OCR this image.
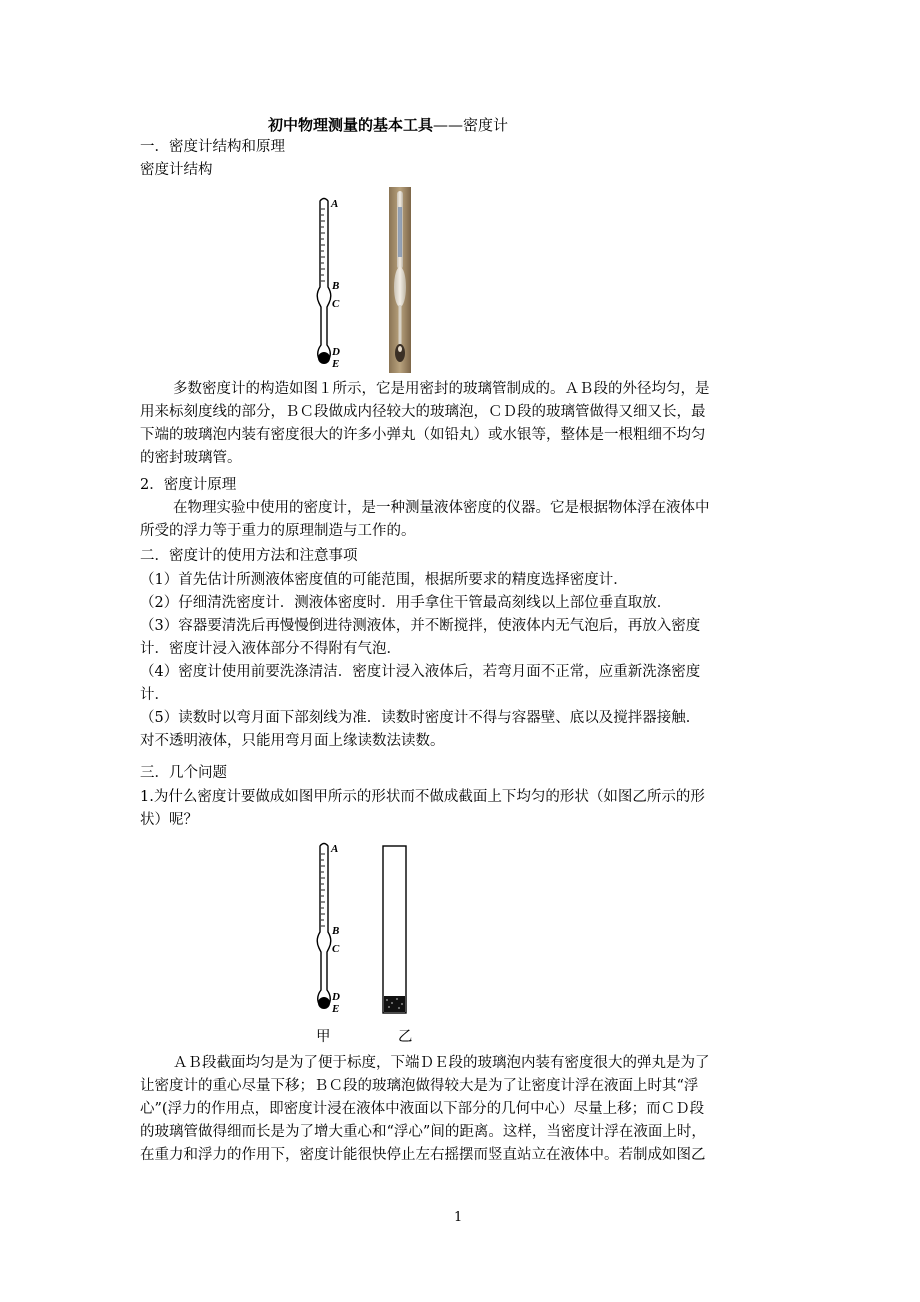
初中物理测量的基本工具——密度计
一．密度计结构和原理
密度计结构
A
B
C
D
E
多数密度计的构造如图１所示，它是用密封的玻璃管制成的。ＡＢ段的外径均匀，是
用来标刻度线的部分，ＢＣ段做成内径较大的玻璃泡，ＣＤ段的玻璃管做得又细又长，最
下端的玻璃泡内装有密度很大的许多小弹丸（如铅丸）或水银等，整体是一根粗细不均匀
的密封玻璃管。
2．密度计原理
在物理实验中使用的密度计，是一种测量液体密度的仪器。它是根据物体浮在液体中
所受的浮力等于重力的原理制造与工作的。
二．密度计的使用方法和注意事项
（1）首先估计所测液体密度值的可能范围，根据所要求的精度选择密度计．
（2）仔细清洗密度计．测液体密度时．用手拿住干管最高刻线以上部位垂直取放．
（3）容器要清洗后再慢慢倒进待测液体，并不断搅拌，使液体内无气泡后，再放入密度
计．密度计浸入液体部分不得附有气泡．
（4）密度计使用前要洗涤清洁．密度计浸入液体后，若弯月面不正常，应重新洗涤密度
计．
（5）读数时以弯月面下部刻线为准．读数时密度计不得与容器壁、底以及搅拌器接触．
对不透明液体，只能用弯月面上缘读数法读数。
三．几个问题
1.为什么密度计要做成如图甲所示的形状而不做成截面上下均匀的形状（如图乙所示的形
状）呢？
A
B
C
D
E
甲	乙
ＡＢ段截面均匀是为了便于标度，下端ＤＥ段的玻璃泡内装有密度很大的弹丸是为了
让密度计的重心尽量下移；ＢＣ段的玻璃泡做得较大是为了让密度计浮在液面上时其“浮
心”(浮力的作用点，即密度计浸在液体中液面以下部分的几何中心）尽量上移；而ＣＤ段
的玻璃管做得细而长是为了增大重心和“浮心”间的距离。这样，当密度计浮在液面上时，
在重力和浮力的作用下，密度计能很快停止左右摇摆而竖直站立在液体中。若制成如图乙
1
